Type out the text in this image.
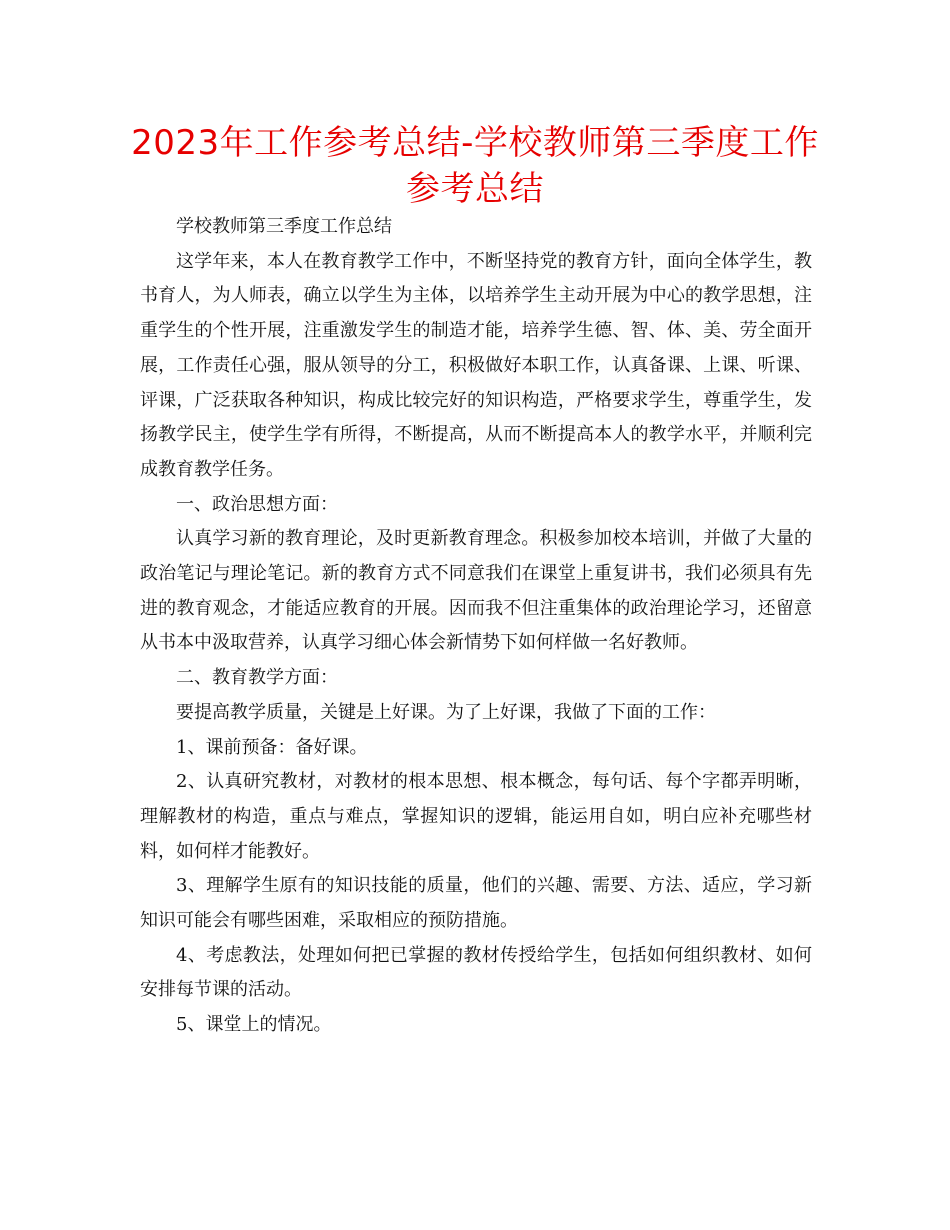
2023年工作参考总结-学校教师第三季度工作参考总结

学校教师第三季度工作总结

这学年来，本人在教育教学工作中，不断坚持党的教育方针，面向全体学生，教书育人，为人师表，确立以学生为主体，以培养学生主动开展为中心的教学思想，注重学生的个性开展，注重激发学生的制造才能，培养学生德、智、体、美、劳全面开展，工作责任心强，服从领导的分工，积极做好本职工作，认真备课、上课、听课、评课，广泛获取各种知识，构成比较完好的知识构造，严格要求学生，尊重学生，发扬教学民主，使学生学有所得，不断提高，从而不断提高本人的教学水平，并顺利完成教育教学任务。

一、政治思想方面：

认真学习新的教育理论，及时更新教育理念。积极参加校本培训，并做了大量的政治笔记与理论笔记。新的教育方式不同意我们在课堂上重复讲书，我们必须具有先进的教育观念，才能适应教育的开展。因而我不但注重集体的政治理论学习，还留意从书本中汲取营养，认真学习细心体会新情势下如何样做一名好教师。

二、教育教学方面：

要提高教学质量，关键是上好课。为了上好课，我做了下面的工作：

1、课前预备：备好课。

2、认真研究教材，对教材的根本思想、根本概念，每句话、每个字都弄明晰，理解教材的构造，重点与难点，掌握知识的逻辑，能运用自如，明白应补充哪些材料，如何样才能教好。

3、理解学生原有的知识技能的质量，他们的兴趣、需要、方法、适应，学习新知识可能会有哪些困难，采取相应的预防措施。

4、考虑教法，处理如何把已掌握的教材传授给学生，包括如何组织教材、如何安排每节课的活动。

5、课堂上的情况。
